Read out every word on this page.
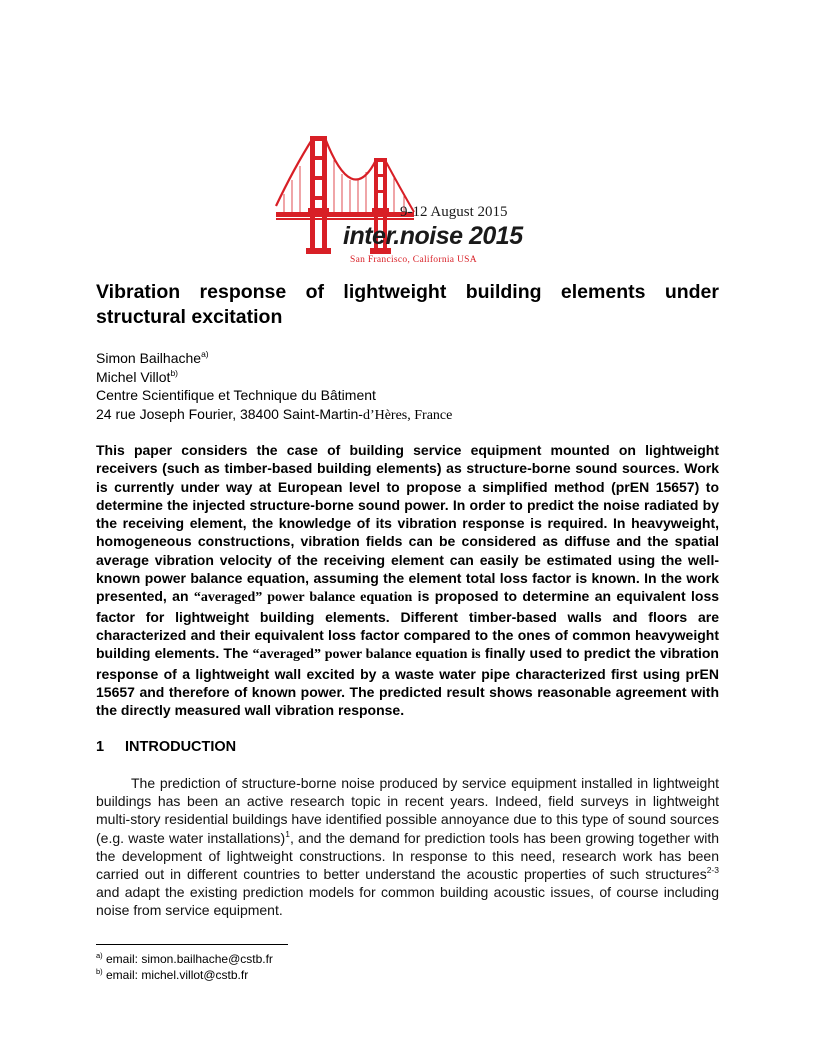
9-12 August 2015
inter.noise 2015
San Francisco, California USA
Vibration response of lightweight building elements under
structural excitation
Simon Bailhache$^{a)}$
Michel Villot$^{b)}$
Centre Scientifique et Technique du Bâtiment
24 rue Joseph Fourier, 38400 Saint-Martin-d’Hères, France

This paper considers the case of building service equipment mounted on lightweight receivers (such as timber-based building elements) as structure-borne sound sources. Work is currently under way at European level to propose a simplified method (prEN 15657) to determine the injected structure-borne sound power. In order to predict the noise radiated by the receiving element, the knowledge of its vibration response is required. In heavyweight, homogeneous constructions, vibration fields can be considered as diffuse and the spatial average vibration velocity of the receiving element can easily be estimated using the well-known power balance equation, assuming the element total loss factor is known. In the work presented, an “averaged” power balance equation is proposed to determine an equivalent loss factor for lightweight building elements. Different timber-based walls and floors are characterized and their equivalent loss factor compared to the ones of common heavyweight building elements. The “averaged” power balance equation is finally used to predict the vibration response of a lightweight wall excited by a waste water pipe characterized first using prEN 15657 and therefore of known power. The predicted result shows reasonable agreement with the directly measured wall vibration response.

1 INTRODUCTION

The prediction of structure-borne noise produced by service equipment installed in lightweight buildings has been an active research topic in recent years. Indeed, field surveys in lightweight multi-story residential buildings have identified possible annoyance due to this type of sound sources (e.g. waste water installations)$^1$, and the demand for prediction tools has been growing together with the development of lightweight constructions. In response to this need, research work has been carried out in different countries to better understand the acoustic properties of such structures$^{2-3}$ and adapt the existing prediction models for common building acoustic issues, of course including noise from service equipment.

$^{a)}$ email: simon.bailhache@cstb.fr
$^{b)}$ email: michel.villot@cstb.fr
